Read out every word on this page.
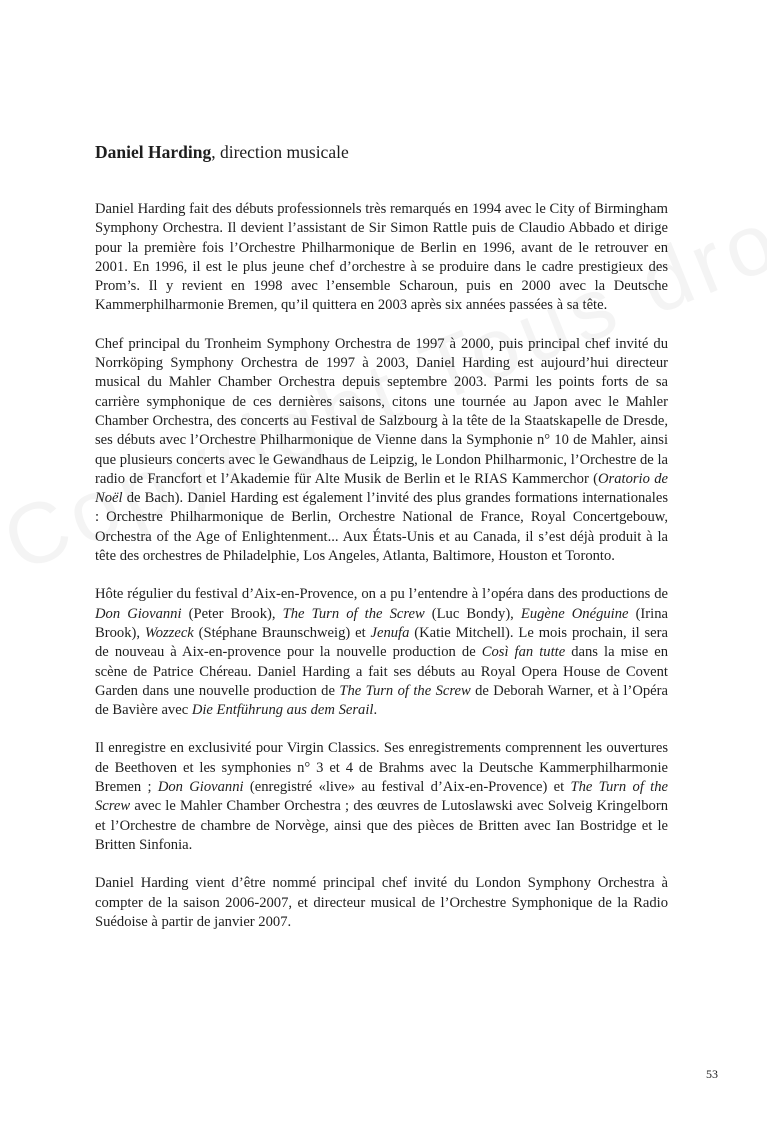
Daniel Harding, direction musicale

Daniel Harding fait des débuts professionnels très remarqués en 1994 avec le City of Birmingham Symphony Orchestra. Il devient l’assistant de Sir Simon Rattle puis de Claudio Abbado et dirige pour la première fois l’Orchestre Philharmonique de Berlin en 1996, avant de le retrouver en 2001. En 1996, il est le plus jeune chef d’orchestre à se produire dans le cadre prestigieux des Prom’s. Il y revient en 1998 avec l’ensemble Scharoun, puis en 2000 avec la Deutsche Kammerphilharmonie Bremen, qu’il quittera en 2003 après six années passées à sa tête.

Chef principal du Tronheim Symphony Orchestra de 1997 à 2000, puis principal chef invité du Norrköping Symphony Orchestra de 1997 à 2003, Daniel Harding est aujourd’hui directeur musical du Mahler Chamber Orchestra depuis septembre 2003. Parmi les points forts de sa carrière symphonique de ces dernières saisons, citons une tournée au Japon avec le Mahler Chamber Orchestra, des concerts au Festival de Salzbourg à la tête de la Staatskapelle de Dresde, ses débuts avec l’Orchestre Philharmonique de Vienne dans la Symphonie n° 10 de Mahler, ainsi que plusieurs concerts avec le Gewandhaus de Leipzig, le London Philharmonic, l’Orchestre de la radio de Francfort et l’Akademie für Alte Musik de Berlin et le RIAS Kammerchor (Oratorio de Noël de Bach). Daniel Harding est également l’invité des plus grandes formations internationales : Orchestre Philharmonique de Berlin, Orchestre National de France, Royal Concertgebouw, Orchestra of the Age of Enlightenment... Aux États-Unis et au Canada, il s’est déjà produit à la tête des orchestres de Philadelphie, Los Angeles, Atlanta, Baltimore, Houston et Toronto.

Hôte régulier du festival d’Aix-en-Provence, on a pu l’entendre à l’opéra dans des productions de Don Giovanni (Peter Brook), The Turn of the Screw (Luc Bondy), Eugène Onéguine (Irina Brook), Wozzeck (Stéphane Braunschweig) et Jenufa (Katie Mitchell). Le mois prochain, il sera de nouveau à Aix-en-provence pour la nouvelle production de Così fan tutte dans la mise en scène de Patrice Chéreau. Daniel Harding a fait ses débuts au Royal Opera House de Covent Garden dans une nouvelle production de The Turn of the Screw de Deborah Warner, et à l’Opéra de Bavière avec Die Entführung aus dem Serail.

Il enregistre en exclusivité pour Virgin Classics. Ses enregistrements comprennent les ouvertures de Beethoven et les symphonies n° 3 et 4 de Brahms avec la Deutsche Kammerphilharmonie Bremen ; Don Giovanni (enregistré «live» au festival d’Aix-en-Provence) et The Turn of the Screw avec le Mahler Chamber Orchestra ; des œuvres de Lutoslawski avec Solveig Kringelborn et l’Orchestre de chambre de Norvège, ainsi que des pièces de Britten avec Ian Bostridge et le Britten Sinfonia.

Daniel Harding vient d’être nommé principal chef invité du London Symphony Orchestra à compter de la saison 2006-2007, et directeur musical de l’Orchestre Symphonique de la Radio Suédoise à partir de janvier 2007.

53
